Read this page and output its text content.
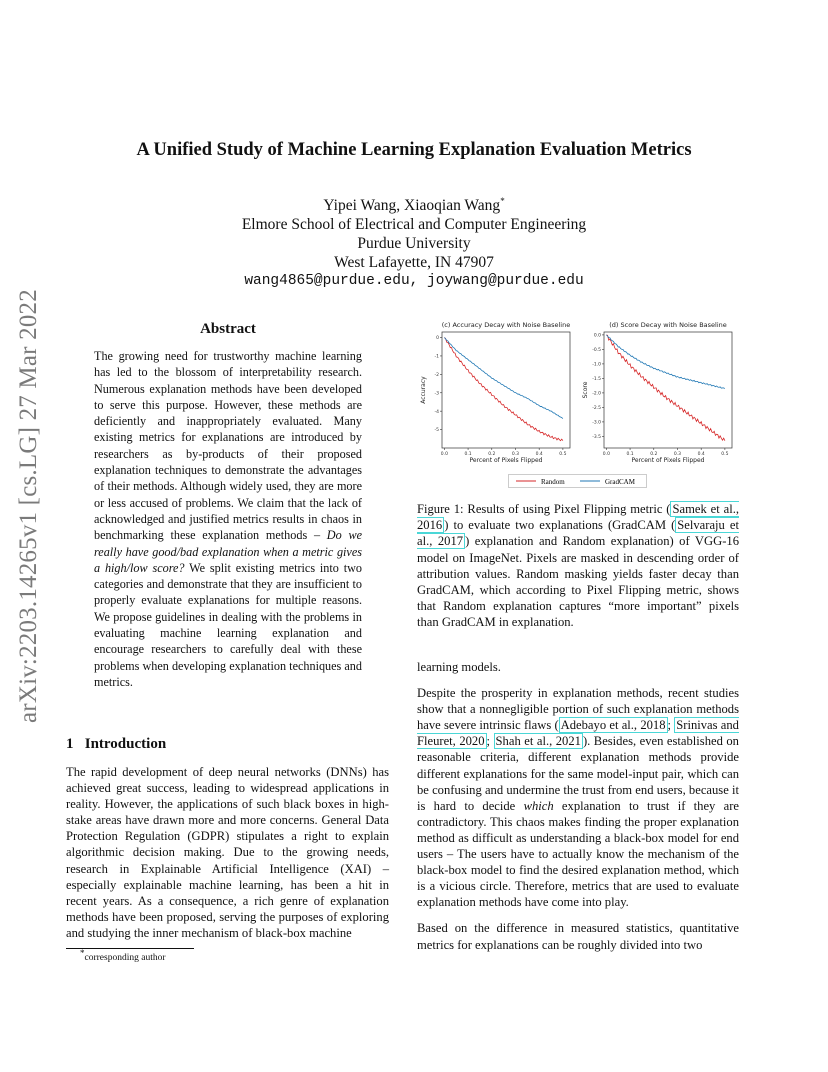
arXiv:2203.14265v1 [cs.LG] 27 Mar 2022
A Unified Study of Machine Learning Explanation Evaluation Metrics
Yipei Wang, Xiaoqian Wang*
Elmore School of Electrical and Computer Engineering
Purdue University
West Lafayette, IN 47907
wang4865@purdue.edu, joywang@purdue.edu
Abstract

The growing need for trustworthy machine learning has led to the blossom of interpretability research. Numerous explanation methods have been developed to serve this purpose. However, these methods are deficiently and inappropriately evaluated. Many existing metrics for explanations are introduced by researchers as by-products of their proposed explanation techniques to demonstrate the advantages of their methods. Although widely used, they are more or less accused of problems. We claim that the lack of acknowledged and justified metrics results in chaos in benchmarking these explanation methods – Do we really have good/bad explanation when a metric gives a high/low score? We split existing metrics into two categories and demonstrate that they are insufficient to properly evaluate explanations for multiple reasons. We propose guidelines in dealing with the problems in evaluating machine learning explanation and encourage researchers to carefully deal with these problems when developing explanation techniques and metrics.

1 Introduction

The rapid development of deep neural networks (DNNs) has achieved great success, leading to widespread applications in reality. However, the applications of such black boxes in high-stake areas have drawn more and more concerns. General Data Protection Regulation (GDPR) stipulates a right to explain algorithmic decision making. Due to the growing needs, research in Explainable Artificial Intelligence (XAI) – especially explainable machine learning, has been a hit in recent years. As a consequence, a rich genre of explanation methods have been proposed, serving the purposes of exploring and studying the inner mechanism of black-box machine

*corresponding author
(c) Accuracy Decay with Noise Baseline
0.0	0.1	0.2	0.3	0.4	0.5
0
-1
-2
-3
-4
-5
Percent of Pixels Flipped
Accuracy
(d) Score Decay with Noise Baseline
0.0	0.1	0.2	0.3	0.4	0.5
0.0
-0.5
-1.0
-1.5
-2.0
-2.5
-3.0
-3.5
Percent of Pixels Flipped
Score
Random	GradCAM

Figure 1: Results of using Pixel Flipping metric ( Samek et al., 2016 ) to evaluate two explanations (GradCAM ( Selvaraju et al., 2017 ) explanation and Random explanation) of VGG-16 model on ImageNet. Pixels are masked in descending order of attribution values. Random masking yields faster decay than GradCAM, which according to Pixel Flipping metric, shows that Random explanation captures “more important” pixels than GradCAM in explanation.

learning models.

Despite the prosperity in explanation methods, recent studies show that a nonnegligible portion of such explanation methods have severe intrinsic flaws ( Adebayo et al., 2018 ; Srinivas and Fleuret, 2020 ; Shah et al., 2021 ). Besides, even established on reasonable criteria, different explanation methods provide different explanations for the same model-input pair, which can be confusing and undermine the trust from end users, because it is hard to decide which explanation to trust if they are contradictory. This chaos makes finding the proper explanation method as difficult as understanding a black-box model for end users – The users have to actually know the mechanism of the black-box model to find the desired explanation method, which is a vicious circle. Therefore, metrics that are used to evaluate explanation methods have come into play.

Based on the difference in measured statistics, quantitative metrics for explanations can be roughly divided into two
